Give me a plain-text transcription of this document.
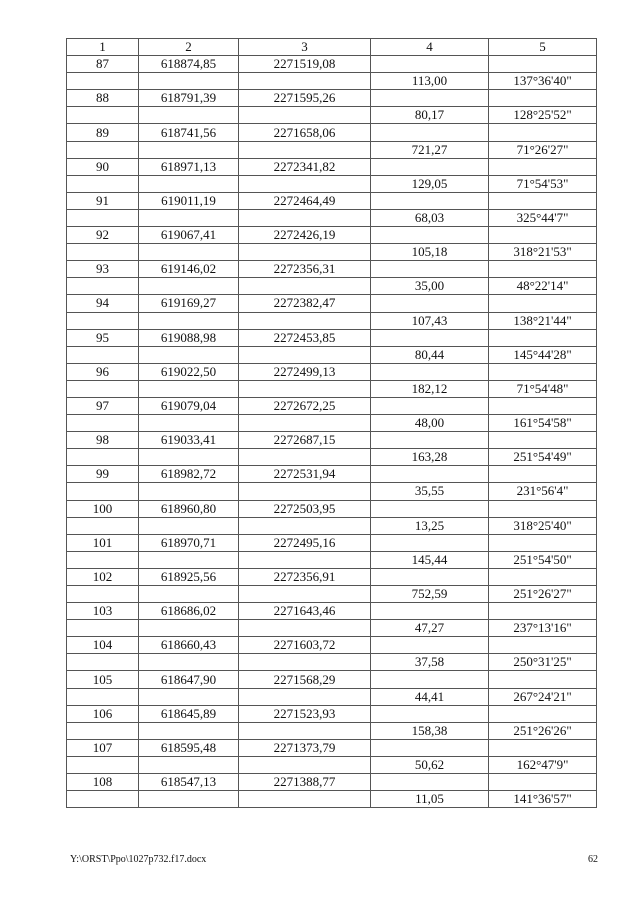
1	2	3	4	5
87	618874,85	2271519,08		
			113,00	137°36'40"
88	618791,39	2271595,26		
			80,17	128°25'52"
89	618741,56	2271658,06		
			721,27	71°26'27"
90	618971,13	2272341,82		
			129,05	71°54'53"
91	619011,19	2272464,49		
			68,03	325°44'7"
92	619067,41	2272426,19		
			105,18	318°21'53"
93	619146,02	2272356,31		
			35,00	48°22'14"
94	619169,27	2272382,47		
			107,43	138°21'44"
95	619088,98	2272453,85		
			80,44	145°44'28"
96	619022,50	2272499,13		
			182,12	71°54'48"
97	619079,04	2272672,25		
			48,00	161°54'58"
98	619033,41	2272687,15		
			163,28	251°54'49"
99	618982,72	2272531,94		
			35,55	231°56'4"
100	618960,80	2272503,95		
			13,25	318°25'40"
101	618970,71	2272495,16		
			145,44	251°54'50"
102	618925,56	2272356,91		
			752,59	251°26'27"
103	618686,02	2271643,46		
			47,27	237°13'16"
104	618660,43	2271603,72		
			37,58	250°31'25"
105	618647,90	2271568,29		
			44,41	267°24'21"
106	618645,89	2271523,93		
			158,38	251°26'26"
107	618595,48	2271373,79		
			50,62	162°47'9"
108	618547,13	2271388,77		
			11,05	141°36'57"
Y:\ORST\Ppo\1027p732.f17.docx	62
